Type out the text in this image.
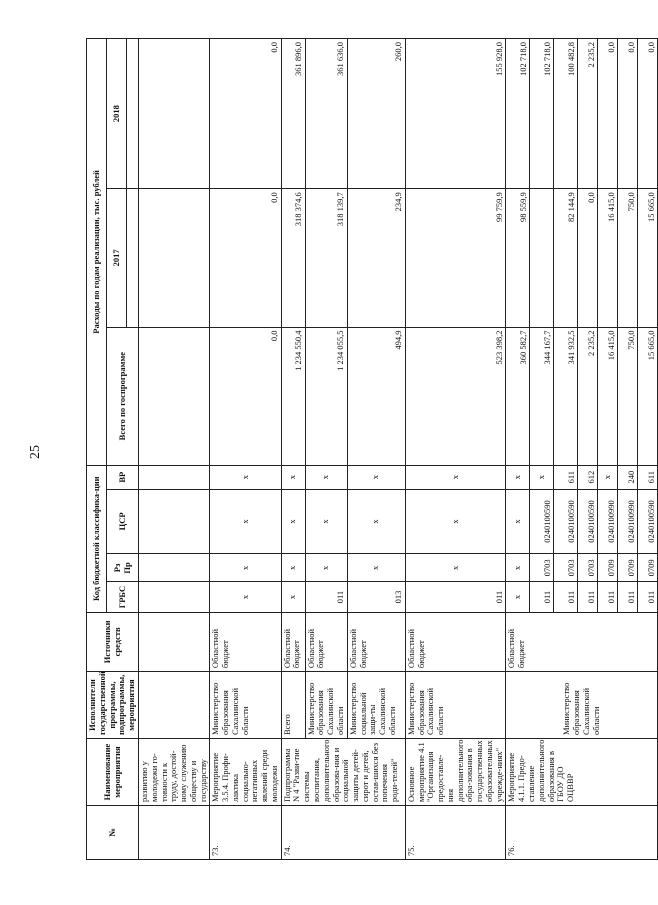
25
№	Наименование мероприятия	Исполнители государственной программы, подпрограммы, мероприятия	Источники средств	Код бюджетной классифика-ции				Расходы по годам реализации, тыс. рублей		
				ГРБС	Рз Пр	ЦСР	ВР	Всего по госпрограмме	2017	2018

	развитию у молодежи го-товности к труду, достой-ному служению обществу и государству									
73.	Мероприятие 3.5.4. Профи-лактика социально-негативных явлений среди молодежи	Министерство образования Сахалинской области	Областной бюджет	x	x	x	x	0,0	0,0	0,0
74.	Подпрограмма N 4 "Разви-тие системы воспитания, дополнительного образова-ния и социальной защиты детей-сирот и детей, остав-шихся без попечения роди-телей"	Всего	Областной бюджет	x	x	x	x	1 234 550,4	318 374,6	361 896,0
		Министерство образования Сахалинской области	Областной бюджет	011	x	x	x	1 234 055,5	318 139,7	361 636,0
		Министерство социальной защи-ты Сахалинской области	Областной бюджет	013	x	x	x	494,9	234,9	260,0
75.	Основное мероприятие 4.1 "Организация предоставле-ния дополнительного обра-зования в государственных образовательных учрежде-ниях"	Министерство образования Сахалинской области	Областной бюджет	011	x	x	x	523 398,2	99 759,9	155 928,0
76.	Мероприятие 4.1.1. Предо-ставление дополнительного образования в ГБОУ ДО ОЦВВР	Министерство образования Сахалинской области	Областной бюджет	x	x	x	x	360 582,7	98 559,9	102 718,0
				011	0703	0240100590	x	344 167,7		102 718,0
				011	0703	0240100590	611	341 932,5	82 144,9	100 482,8
				011	0703	0240100590	612	2 235,2	0,0	2 235,2
				011	0709	0240100990	x	16 415,0	16 415,0	0,0
				011	0709	0240100990	240	750,0	750,0	0,0
				011	0709	0240100590	611	15 665,0	15 665,0	0,0
